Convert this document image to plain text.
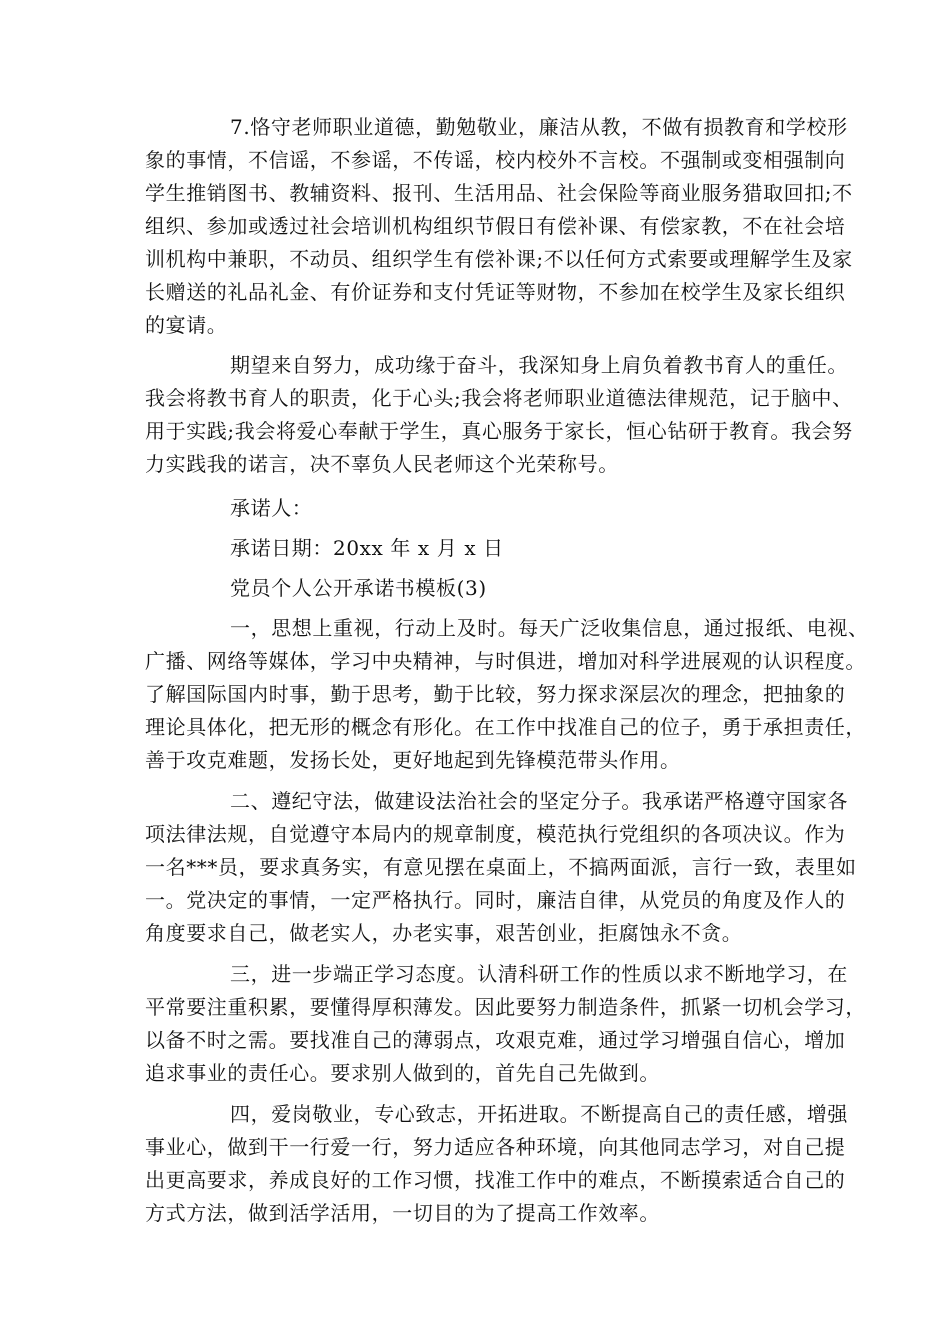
7.恪守老师职业道德，勤勉敬业，廉洁从教，不做有损教育和学校形
象的事情，不信谣，不参谣，不传谣，校内校外不言校。不强制或变相强制向
学生推销图书、教辅资料、报刊、生活用品、社会保险等商业服务猎取回扣;不
组织、参加或透过社会培训机构组织节假日有偿补课、有偿家教，不在社会培
训机构中兼职，不动员、组织学生有偿补课;不以任何方式索要或理解学生及家
长赠送的礼品礼金、有价证券和支付凭证等财物，不参加在校学生及家长组织
的宴请。
期望来自努力，成功缘于奋斗，我深知身上肩负着教书育人的重任。
我会将教书育人的职责，化于心头;我会将老师职业道德法律规范，记于脑中、
用于实践;我会将爱心奉献于学生，真心服务于家长，恒心钻研于教育。我会努
力实践我的诺言，决不辜负人民老师这个光荣称号。
承诺人：
承诺日期：20xx 年 x 月 x 日
党员个人公开承诺书模板(3)
一，思想上重视，行动上及时。每天广泛收集信息，通过报纸、电视、
广播、网络等媒体，学习中央精神，与时俱进，增加对科学进展观的认识程度。
了解国际国内时事，勤于思考，勤于比较，努力探求深层次的理念，把抽象的
理论具体化，把无形的概念有形化。在工作中找准自己的位子，勇于承担责任，
善于攻克难题，发扬长处，更好地起到先锋模范带头作用。
二、遵纪守法，做建设法治社会的坚定分子。我承诺严格遵守国家各
项法律法规，自觉遵守本局内的规章制度，模范执行党组织的各项决议。作为
一名***员，要求真务实，有意见摆在桌面上，不搞两面派，言行一致，表里如
一。党决定的事情，一定严格执行。同时，廉洁自律，从党员的角度及作人的
角度要求自己，做老实人，办老实事，艰苦创业，拒腐蚀永不贪。
三，进一步端正学习态度。认清科研工作的性质以求不断地学习，在
平常要注重积累，要懂得厚积薄发。因此要努力制造条件，抓紧一切机会学习，
以备不时之需。要找准自己的薄弱点，攻艰克难，通过学习增强自信心，增加
追求事业的责任心。要求别人做到的，首先自己先做到。
四，爱岗敬业，专心致志，开拓进取。不断提高自己的责任感，增强
事业心，做到干一行爱一行，努力适应各种环境，向其他同志学习，对自己提
出更高要求，养成良好的工作习惯，找准工作中的难点，不断摸索适合自己的
方式方法，做到活学活用，一切目的为了提高工作效率。
